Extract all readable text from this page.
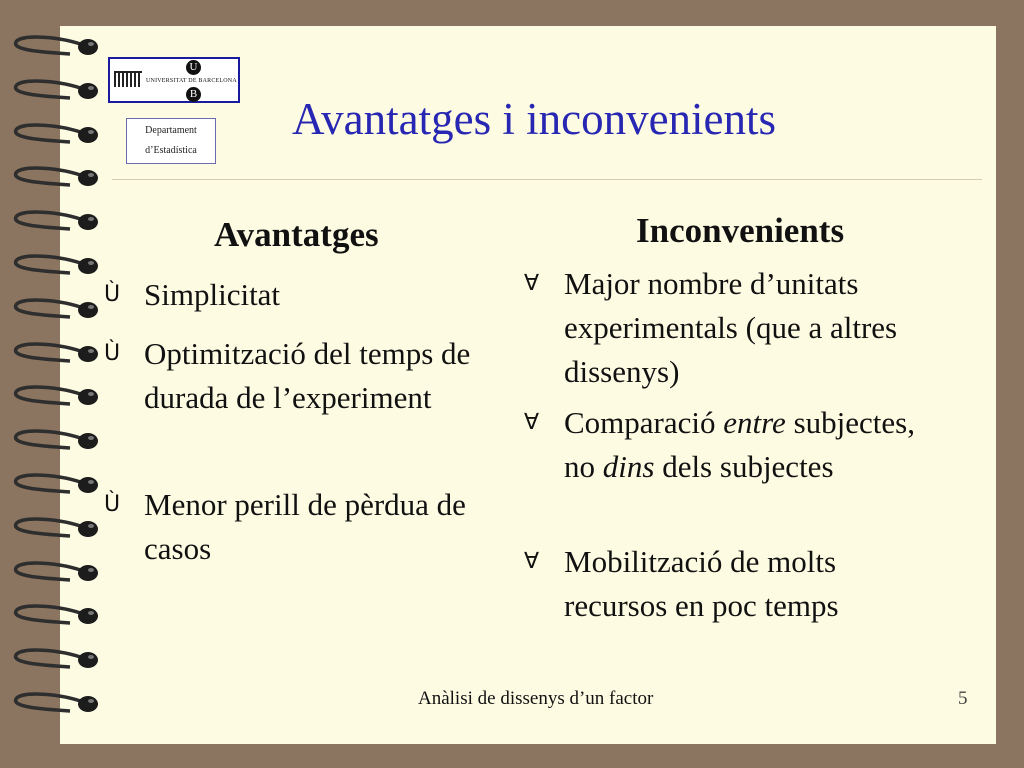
U
UNIVERSITAT DE BARCELONA
B
Departament
d’Estadística
Avantatges i inconvenients
Avantatges
Ù Simplicitat
Ù Optimització del temps de durada de l’experiment
Ù Menor perill de pèrdua de casos
Inconvenients
∀ Major nombre d’unitats experimentals (que a altres dissenys)
∀ Comparació entre subjectes, no dins dels subjectes
∀ Mobilització de molts recursos en poc temps
Anàlisi de dissenys d’un factor	5
